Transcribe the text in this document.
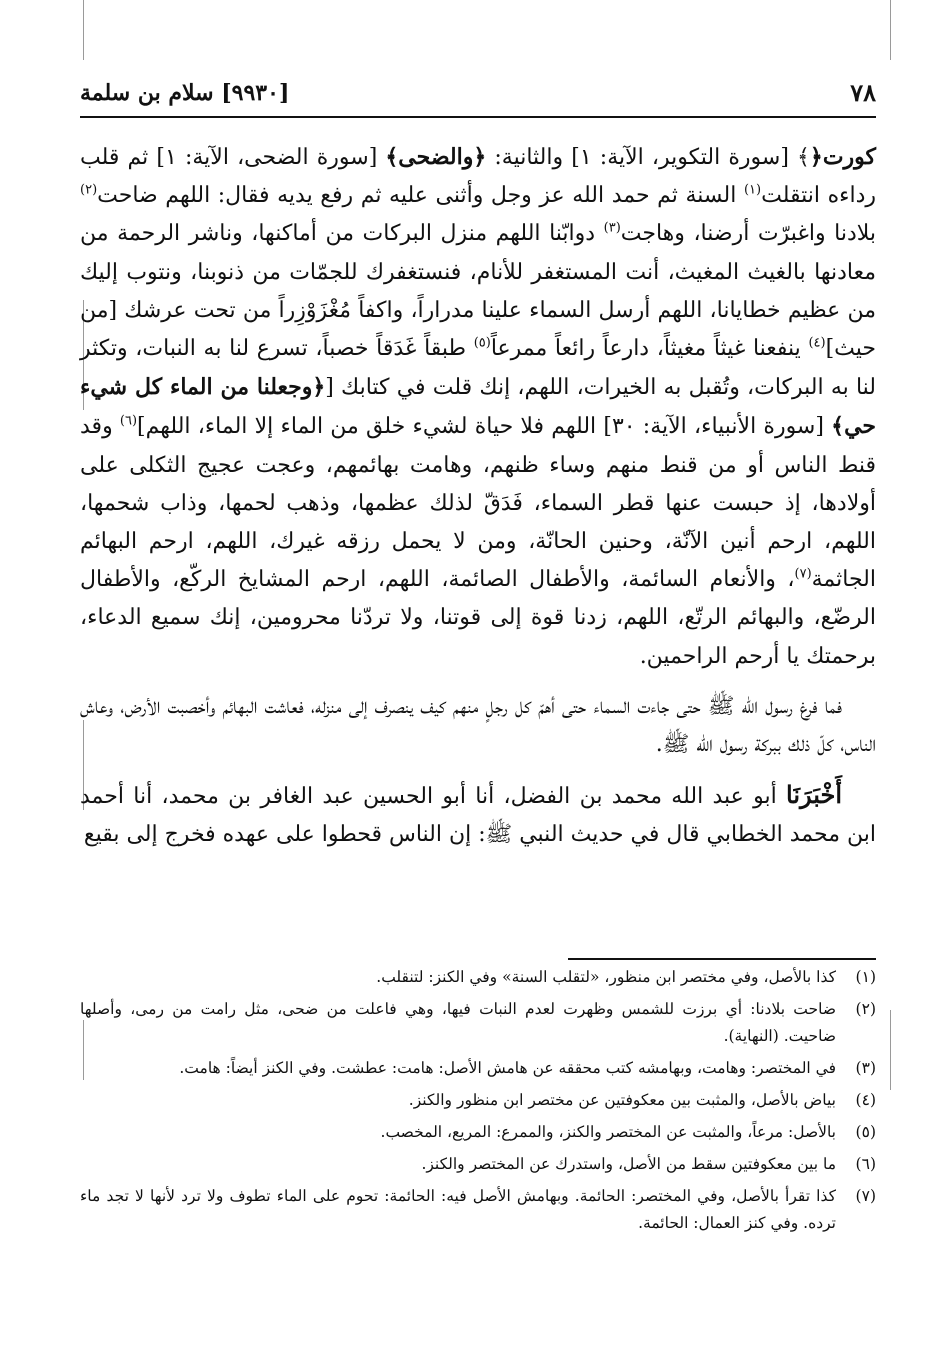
٧٨
[٩٩٣٠] سلام بن سلمة

كورت﴿﴾ [سورة التكوير، الآية: ١] والثانية: ﴿والضحى﴾ [سورة الضحى، الآية: ١] ثم قلب رداءه انتقلت$^{(١)}$ السنة ثم حمد الله عز وجل وأثنى عليه ثم رفع يديه فقال: اللهم ضاحت$^{(٢)}$ بلادنا واغبرّت أرضنا، وهاجت$^{(٣)}$ دوابّنا اللهم منزل البركات من أماكنها، وناشر الرحمة من معادنها بالغيث المغيث، أنت المستغفر للأنام، فنستغفرك للجمّات من ذنوبنا، ونتوب إليك من عظيم خطايانا، اللهم أرسل السماء علينا مدراراً، واكفاً مُغْزَوْزِراً من تحت عرشك [من حيث]$^{(٤)}$ ينفعنا غيثاً مغيثاً، دارعاً رائعاً ممرعاً$^{(٥)}$ طبقاً غَدَقاً خصباً، تسرع لنا به النبات، وتكثر لنا به البركات، وتُقبل به الخيرات، اللهم، إنك قلت في كتابك [﴿وجعلنا من الماء كل شيء حي﴾ [سورة الأنبياء، الآية: ٣٠] اللهم فلا حياة لشيء خلق من الماء إلا الماء، اللهم]$^{(٦)}$ وقد قنط الناس أو من قنط منهم وساء ظنهم، وهامت بهائمهم، وعجت عجيج الثكلى على أولادها، إذ حبست عنها قطر السماء، فَدَقّ لذلك عظمها، وذهب لحمها، وذاب شحمها، اللهم، ارحم أنين الآنّة، وحنين الحانّة، ومن لا يحمل رزقه غيرك، اللهم، ارحم البهائم الجاثمة$^{(٧)}$، والأنعام السائمة، والأطفال الصائمة، اللهم، ارحم المشايخ الركّع، والأطفال الرضّع، والبهائم الرتّع، اللهم، زدنا قوة إلى قوتنا، ولا تردّنا محرومين، إنك سميع الدعاء، برحمتك يا أرحم الراحمين.

فما فرغ رسول الله ﷺ حتى جاءت السماء حتى أهمّ كل رجلٍ منهم كيف ينصرف إلى منزله، فعاشت البهائم وأخصبت الأرض، وعاش الناس، كلّ ذلك ببركة رسول الله ﷺ.

أَخْبَرَنَا أبو عبد الله محمد بن الفضل، أنا أبو الحسين عبد الغافر بن محمد، أنا أحمد ابن محمد الخطابي قال في حديث النبي ﷺ: إن الناس قحطوا على عهده فخرج إلى بقيع

(١)
كذا بالأصل، وفي مختصر ابن منظور، «لتقلب السنة» وفي الكنز: لتنقلب.
(٢)
ضاحت بلادنا: أي برزت للشمس وظهرت لعدم النبات فيها، وهي فاعلت من ضحى، مثل رامت من رمى، وأصلها ضاحيت. (النهاية).
(٣)
في المختصر: وهامت، وبهامشه كتب محققه عن هامش الأصل: هامت: عطشت. وفي الكنز أيضاً: هامت.
(٤)
بياض بالأصل، والمثبت بين معكوفتين عن مختصر ابن منظور والكنز.
(٥)
بالأصل: مرعاً، والمثبت عن المختصر والكنز، والممرع: المريع، المخصب.
(٦)
ما بين معكوفتين سقط من الأصل، واستدرك عن المختصر والكنز.
(٧)
كذا تقرأ بالأصل، وفي المختصر: الحائمة. وبهامش الأصل فيه: الحائمة: تحوم على الماء تطوف ولا ترد لأنها لا تجد ماء ترده. وفي كنز العمال: الحائمة.
